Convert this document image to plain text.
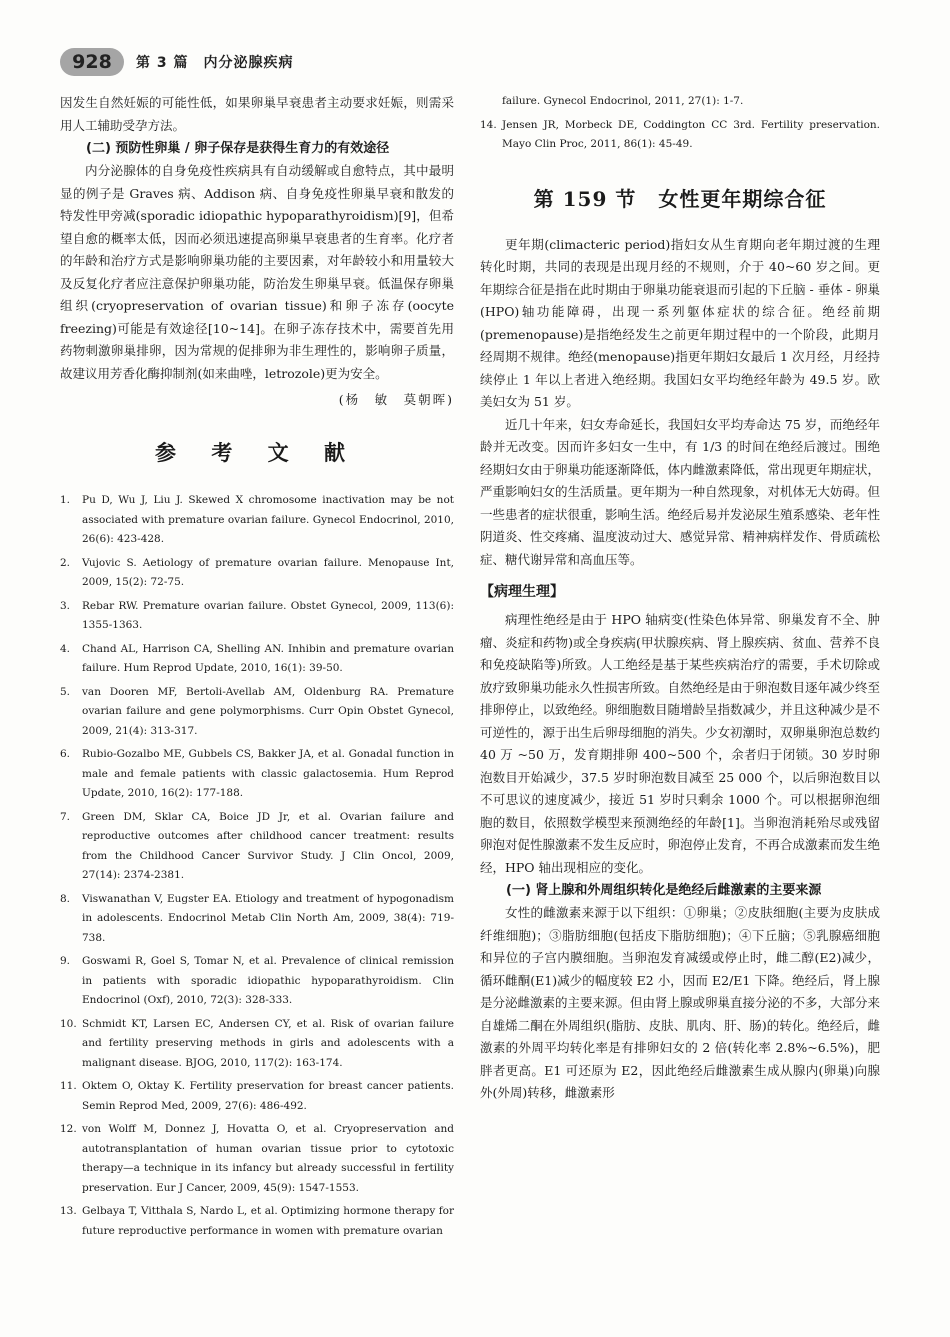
928	第 3 篇　内分泌腺疾病

因发生自然妊娠的可能性低，如果卵巢早衰患者主动要求妊娠，则需采用人工辅助受孕方法。

(二) 预防性卵巢 / 卵子保存是获得生育力的有效途径

内分泌腺体的自身免疫性疾病具有自动缓解或自愈特点，其中最明显的例子是 Graves 病、Addison 病、自身免疫性卵巢早衰和散发的特发性甲旁减(sporadic idiopathic hypoparathyroidism)[9]，但希望自愈的概率太低，因而必须迅速提高卵巢早衰患者的生育率。化疗者的年龄和治疗方式是影响卵巢功能的主要因素，对年龄较小和用量较大及反复化疗者应注意保护卵巢功能，防治发生卵巢早衰。低温保存卵巢组织(cryopreservation of ovarian tissue)和卵子冻存(oocyte freezing)可能是有效途径[10~14]。在卵子冻存技术中，需要首先用药物刺激卵巢排卵，因为常规的促排卵为非生理性的，影响卵子质量，故建议用芳香化酶抑制剂(如来曲唑，letrozole)更为安全。

(杨　敏　莫朝晖)

参 考 文 献
1.	Pu D, Wu J, Liu J. Skewed X chromosome inactivation may be not associated with premature ovarian failure. Gynecol Endocrinol, 2010, 26(6): 423-428.
2.	Vujovic S. Aetiology of premature ovarian failure. Menopause Int, 2009, 15(2): 72-75.
3.	Rebar RW. Premature ovarian failure. Obstet Gynecol, 2009, 113(6): 1355-1363.
4.	Chand AL, Harrison CA, Shelling AN. Inhibin and premature ovarian failure. Hum Reprod Update, 2010, 16(1): 39-50.
5.	van Dooren MF, Bertoli-Avellab AM, Oldenburg RA. Premature ovarian failure and gene polymorphisms. Curr Opin Obstet Gynecol, 2009, 21(4): 313-317.
6.	Rubio-Gozalbo ME, Gubbels CS, Bakker JA, et al. Gonadal function in male and female patients with classic galactosemia. Hum Reprod Update, 2010, 16(2): 177-188.
7.	Green DM, Sklar CA, Boice JD Jr, et al. Ovarian failure and reproductive outcomes after childhood cancer treatment: results from the Childhood Cancer Survivor Study. J Clin Oncol, 2009, 27(14): 2374-2381.
8.	Viswanathan V, Eugster EA. Etiology and treatment of hypogonadism in adolescents. Endocrinol Metab Clin North Am, 2009, 38(4): 719-738.
9.	Goswami R, Goel S, Tomar N, et al. Prevalence of clinical remission in patients with sporadic idiopathic hypoparathyroidism. Clin Endocrinol (Oxf), 2010, 72(3): 328-333.
10. Schmidt KT, Larsen EC, Andersen CY, et al. Risk of ovarian failure and fertility preserving methods in girls and adolescents with a malignant disease. BJOG, 2010, 117(2): 163-174.
11. Oktem O, Oktay K. Fertility preservation for breast cancer patients. Semin Reprod Med, 2009, 27(6): 486-492.
12. von Wolff M, Donnez J, Hovatta O, et al. Cryopreservation and autotransplantation of human ovarian tissue prior to cytotoxic therapy—a technique in its infancy but already successful in fertility preservation. Eur J Cancer, 2009, 45(9): 1547-1553.
13. Gelbaya T, Vitthala S, Nardo L, et al. Optimizing hormone therapy for future reproductive performance in women with premature ovarian
failure. Gynecol Endocrinol, 2011, 27(1): 1-7.
14. Jensen JR, Morbeck DE, Coddington CC 3rd. Fertility preservation. Mayo Clin Proc, 2011, 86(1): 45-49.
第 159 节 女性更年期综合征

更年期(climacteric period)指妇女从生育期向老年期过渡的生理转化时期，共同的表现是出现月经的不规则，介于 40~60 岁之间。更年期综合征是指在此时期由于卵巢功能衰退而引起的下丘脑 - 垂体 - 卵巢(HPO)轴功能障碍，出现一系列躯体症状的综合征。绝经前期(premenopause)是指绝经发生之前更年期过程中的一个阶段，此期月经周期不规律。绝经(menopause)指更年期妇女最后 1 次月经，月经持续停止 1 年以上者进入绝经期。我国妇女平均绝经年龄为 49.5 岁。欧美妇女为 51 岁。

近几十年来，妇女寿命延长，我国妇女平均寿命达 75 岁，而绝经年龄并无改变。因而许多妇女一生中，有 1/3 的时间在绝经后渡过。围绝经期妇女由于卵巢功能逐渐降低，体内雌激素降低，常出现更年期症状，严重影响妇女的生活质量。更年期为一种自然现象，对机体无大妨碍。但一些患者的症状很重，影响生活。绝经后易并发泌尿生殖系感染、老年性阴道炎、性交疼痛、温度波动过大、感觉异常、精神病样发作、骨质疏松症、糖代谢异常和高血压等。

【病理生理】

病理性绝经是由于 HPO 轴病变(性染色体异常、卵巢发育不全、肿瘤、炎症和药物)或全身疾病(甲状腺疾病、肾上腺疾病、贫血、营养不良和免疫缺陷等)所致。人工绝经是基于某些疾病治疗的需要，手术切除或放疗致卵巢功能永久性损害所致。自然绝经是由于卵泡数目逐年减少终至排卵停止，以致绝经。卵细胞数目随增龄呈指数减少，并且这种减少是不可逆性的，源于出生后卵母细胞的消失。少女初潮时，双卵巢卵泡总数约 40 万 ~50 万，发育期排卵 400~500 个，余者归于闭锁。30 岁时卵泡数目开始减少，37.5 岁时卵泡数目减至 25 000 个，以后卵泡数目以不可思议的速度减少，接近 51 岁时只剩余 1000 个。可以根据卵泡细胞的数目，依照数学模型来预测绝经的年龄[1]。当卵泡消耗殆尽或残留卵泡对促性腺激素不发生反应时，卵泡停止发育，不再合成激素而发生绝经，HPO 轴出现相应的变化。

(一) 肾上腺和外周组织转化是绝经后雌激素的主要来源

女性的雌激素来源于以下组织：①卵巢；②皮肤细胞(主要为皮肤成纤维细胞)；③脂肪细胞(包括皮下脂肪细胞)；④下丘脑；⑤乳腺癌细胞和异位的子宫内膜细胞。当卵泡发育减缓或停止时，雌二醇(E2)减少，循环雌酮(E1)减少的幅度较 E2 小，因而 E2/E1 下降。绝经后，肾上腺是分泌雌激素的主要来源。但由肾上腺或卵巢直接分泌的不多，大部分来自雄烯二酮在外周组织(脂肪、皮肤、肌肉、肝、肠)的转化。绝经后，雌激素的外周平均转化率是有排卵妇女的 2 倍(转化率 2.8%~6.5%)，肥胖者更高。E1 可还原为 E2，因此绝经后雌激素生成从腺内(卵巢)向腺外(外周)转移，雌激素形
